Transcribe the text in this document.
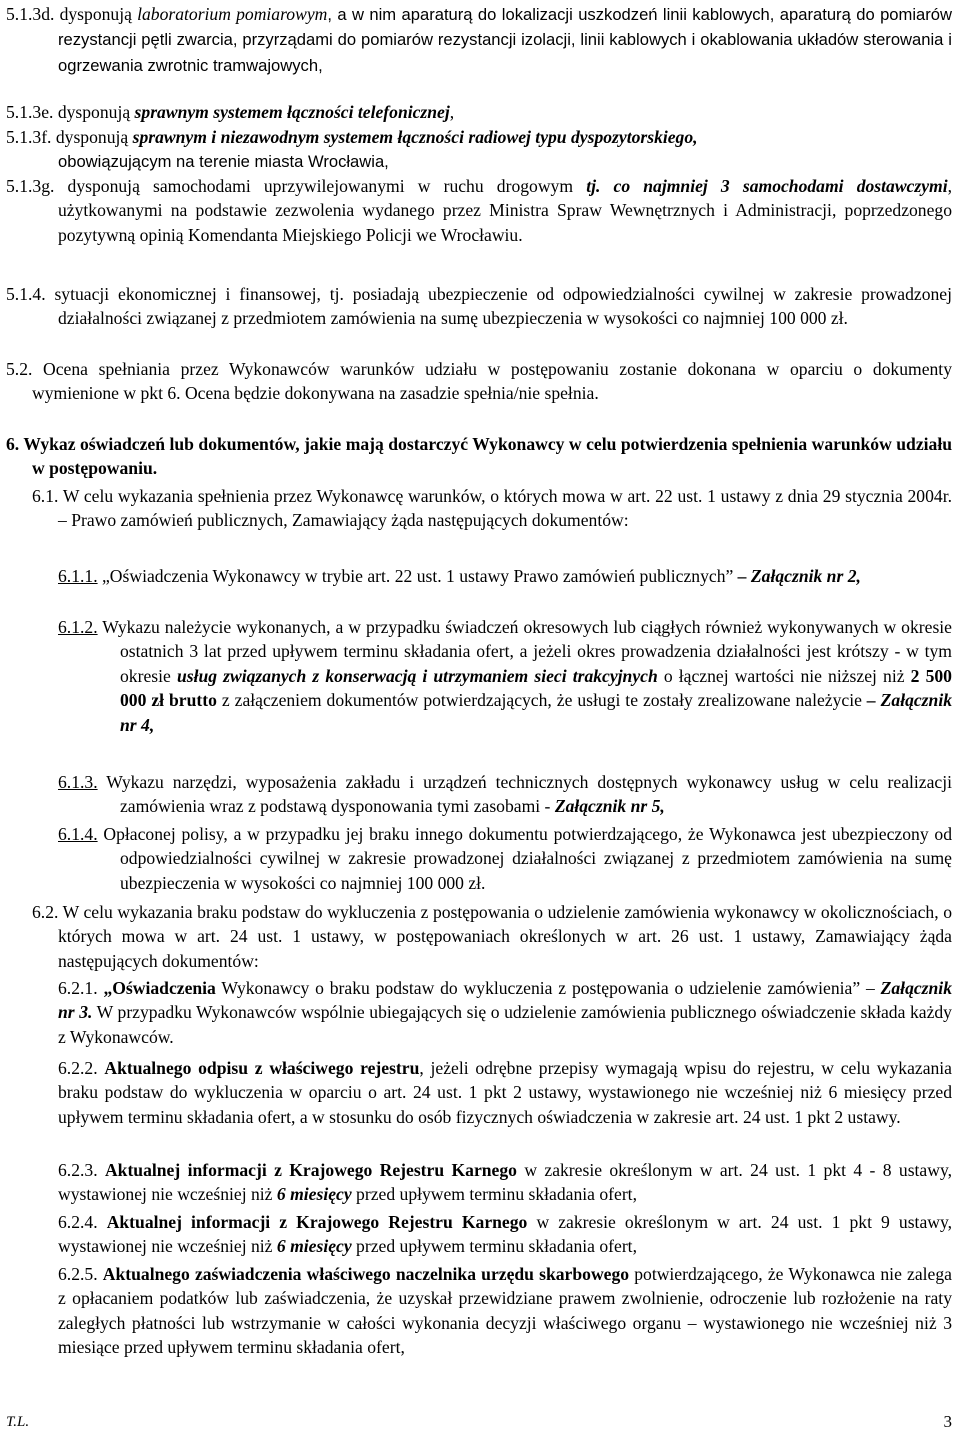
5.1.3d. dysponują laboratorium pomiarowym, a w nim aparaturą do lokalizacji uszkodzeń linii kablowych, aparaturą do pomiarów rezystancji pętli zwarcia, przyrządami do pomiarów rezystancji izolacji, linii kablowych i okablowania układów sterowania i ogrzewania zwrotnic tramwajowych,
5.1.3e. dysponują sprawnym systemem łączności telefonicznej,
5.1.3f. dysponują sprawnym i niezawodnym systemem łączności radiowej typu dyspozytorskiego,
obowiązującym na terenie miasta Wrocławia,
5.1.3g. dysponują samochodami uprzywilejowanymi w ruchu drogowym tj. co najmniej 3 samochodami dostawczymi, użytkowanymi na podstawie zezwolenia wydanego przez Ministra Spraw Wewnętrznych i Administracji, poprzedzonego pozytywną opinią Komendanta Miejskiego Policji we Wrocławiu.
5.1.4. sytuacji ekonomicznej i finansowej, tj. posiadają ubezpieczenie od odpowiedzialności cywilnej w zakresie prowadzonej działalności związanej z przedmiotem zamówienia na sumę ubezpieczenia w wysokości co najmniej 100 000 zł.
5.2. Ocena spełniania przez Wykonawców warunków udziału w postępowaniu zostanie dokonana w oparciu o dokumenty wymienione w pkt 6. Ocena będzie dokonywana na zasadzie spełnia/nie spełnia.
6. Wykaz oświadczeń lub dokumentów, jakie mają dostarczyć Wykonawcy w celu potwierdzenia spełnienia warunków udziału w postępowaniu.
6.1. W celu wykazania spełnienia przez Wykonawcę warunków, o których mowa w art. 22 ust. 1 ustawy z dnia 29 stycznia 2004r. – Prawo zamówień publicznych, Zamawiający żąda następujących dokumentów:
6.1.1. „Oświadczenia Wykonawcy w trybie art. 22 ust. 1 ustawy Prawo zamówień publicznych” – Załącznik nr 2,
6.1.2. Wykazu należycie wykonanych, a w przypadku świadczeń okresowych lub ciągłych również wykonywanych w okresie ostatnich 3 lat przed upływem terminu składania ofert, a jeżeli okres prowadzenia działalności jest krótszy - w tym okresie usług związanych z konserwacją i utrzymaniem sieci trakcyjnych o łącznej wartości nie niższej niż 2 500 000 zł brutto z załączeniem dokumentów potwierdzających, że usługi te zostały zrealizowane należycie – Załącznik nr 4,
6.1.3. Wykazu narzędzi, wyposażenia zakładu i urządzeń technicznych dostępnych wykonawcy usług w celu realizacji zamówienia wraz z podstawą dysponowania tymi zasobami - Załącznik nr 5,
6.1.4. Opłaconej polisy, a w przypadku jej braku innego dokumentu potwierdzającego, że Wykonawca jest ubezpieczony od odpowiedzialności cywilnej w zakresie prowadzonej działalności związanej z przedmiotem zamówienia na sumę ubezpieczenia w wysokości co najmniej 100 000 zł.
6.2. W celu wykazania braku podstaw do wykluczenia z postępowania o udzielenie zamówienia wykonawcy w okolicznościach, o których mowa w art. 24 ust. 1 ustawy, w postępowaniach określonych w art. 26 ust. 1 ustawy, Zamawiający żąda następujących dokumentów:
6.2.1. „Oświadczenia Wykonawcy o braku podstaw do wykluczenia z postępowania o udzielenie zamówienia” – Załącznik nr 3. W przypadku Wykonawców wspólnie ubiegających się o udzielenie zamówienia publicznego oświadczenie składa każdy z Wykonawców.
6.2.2. Aktualnego odpisu z właściwego rejestru, jeżeli odrębne przepisy wymagają wpisu do rejestru, w celu wykazania braku podstaw do wykluczenia w oparciu o art. 24 ust. 1 pkt 2 ustawy, wystawionego nie wcześniej niż 6 miesięcy przed upływem terminu składania ofert, a w stosunku do osób fizycznych oświadczenia w zakresie art. 24 ust. 1 pkt 2 ustawy.
6.2.3. Aktualnej informacji z Krajowego Rejestru Karnego w zakresie określonym w art. 24 ust. 1 pkt 4 - 8 ustawy, wystawionej nie wcześniej niż 6 miesięcy przed upływem terminu składania ofert,
6.2.4. Aktualnej informacji z Krajowego Rejestru Karnego w zakresie określonym w art. 24 ust. 1 pkt 9 ustawy, wystawionej nie wcześniej niż 6 miesięcy przed upływem terminu składania ofert,
6.2.5. Aktualnego zaświadczenia właściwego naczelnika urzędu skarbowego potwierdzającego, że Wykonawca nie zalega z opłacaniem podatków lub zaświadczenia, że uzyskał przewidziane prawem zwolnienie, odroczenie lub rozłożenie na raty zaległych płatności lub wstrzymanie w całości wykonania decyzji właściwego organu – wystawionego nie wcześniej niż 3 miesiące przed upływem terminu składania ofert,
T.L.	3
